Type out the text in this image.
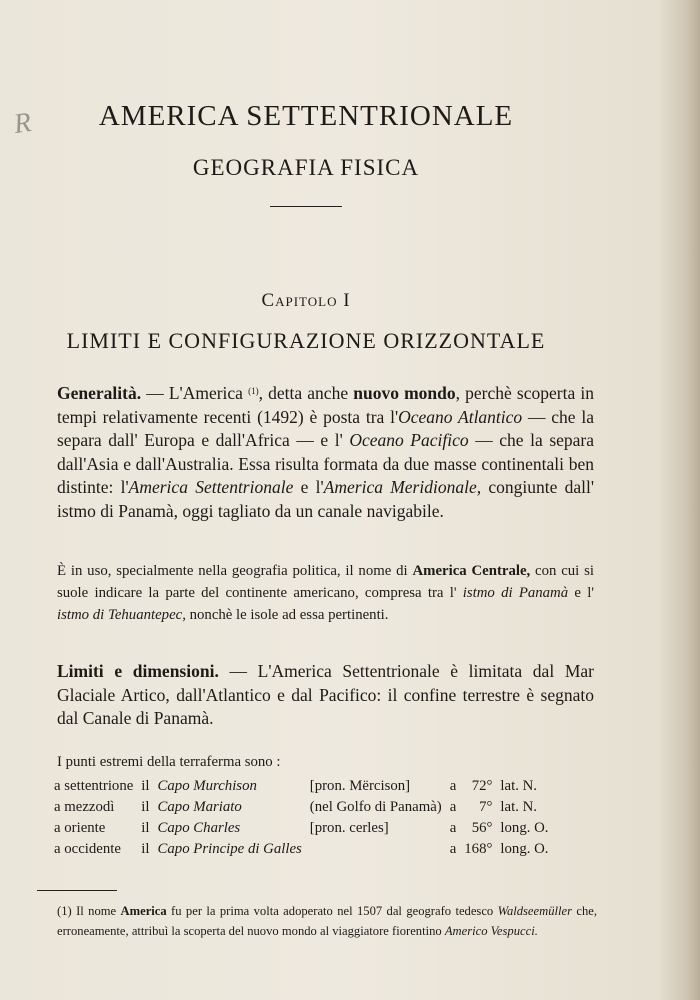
R	AMERICA SETTENTRIONALE
GEOGRAFIA FISICA
Capitolo I
LIMITI E CONFIGURAZIONE ORIZZONTALE

Generalità. — L'America $^{(1)}$, detta anche nuovo mondo, perchè scoperta in tempi relativamente recenti (1492) è posta tra l'Oceano Atlantico — che la separa dall' Europa e dall'Africa — e l' Oceano Pacifico — che la separa dall'Asia e dall'Australia. Essa risulta formata da due masse continentali ben distinte: l'America Settentrionale e l'America Meridionale, congiunte dall' istmo di Panamà, oggi tagliato da un canale navigabile.

È in uso, specialmente nella geografia politica, il nome di America Centrale, con cui si suole indicare la parte del continente americano, compresa tra l' istmo di Panamà e l' istmo di Tehuantepec, nonchè le isole ad essa pertinenti.

Limiti e dimensioni. — L'America Settentrionale è limitata dal Mar Glaciale Artico, dall'Atlantico e dal Pacifico: il confine terrestre è segnato dal Canale di Panamà.

I punti estremi della terraferma sono :
a settentrione	il	Capo Murchison	[pron. Mërcison]	a	72°	lat. N.
a mezzodì	il	Capo Mariato	(nel Golfo di Panamà)	a	7°	lat. N.
a oriente	il	Capo Charles	[pron. cerles]	a	56°	long. O.
a occidente	il	Capo Principe di Galles		a	168°	long. O.

(1) Il nome America fu per la prima volta adoperato nel 1507 dal geografo tedesco Waldseemüller che, erroneamente, attribuì la scoperta del nuovo mondo al viaggiatore fiorentino Americo Vespucci.
